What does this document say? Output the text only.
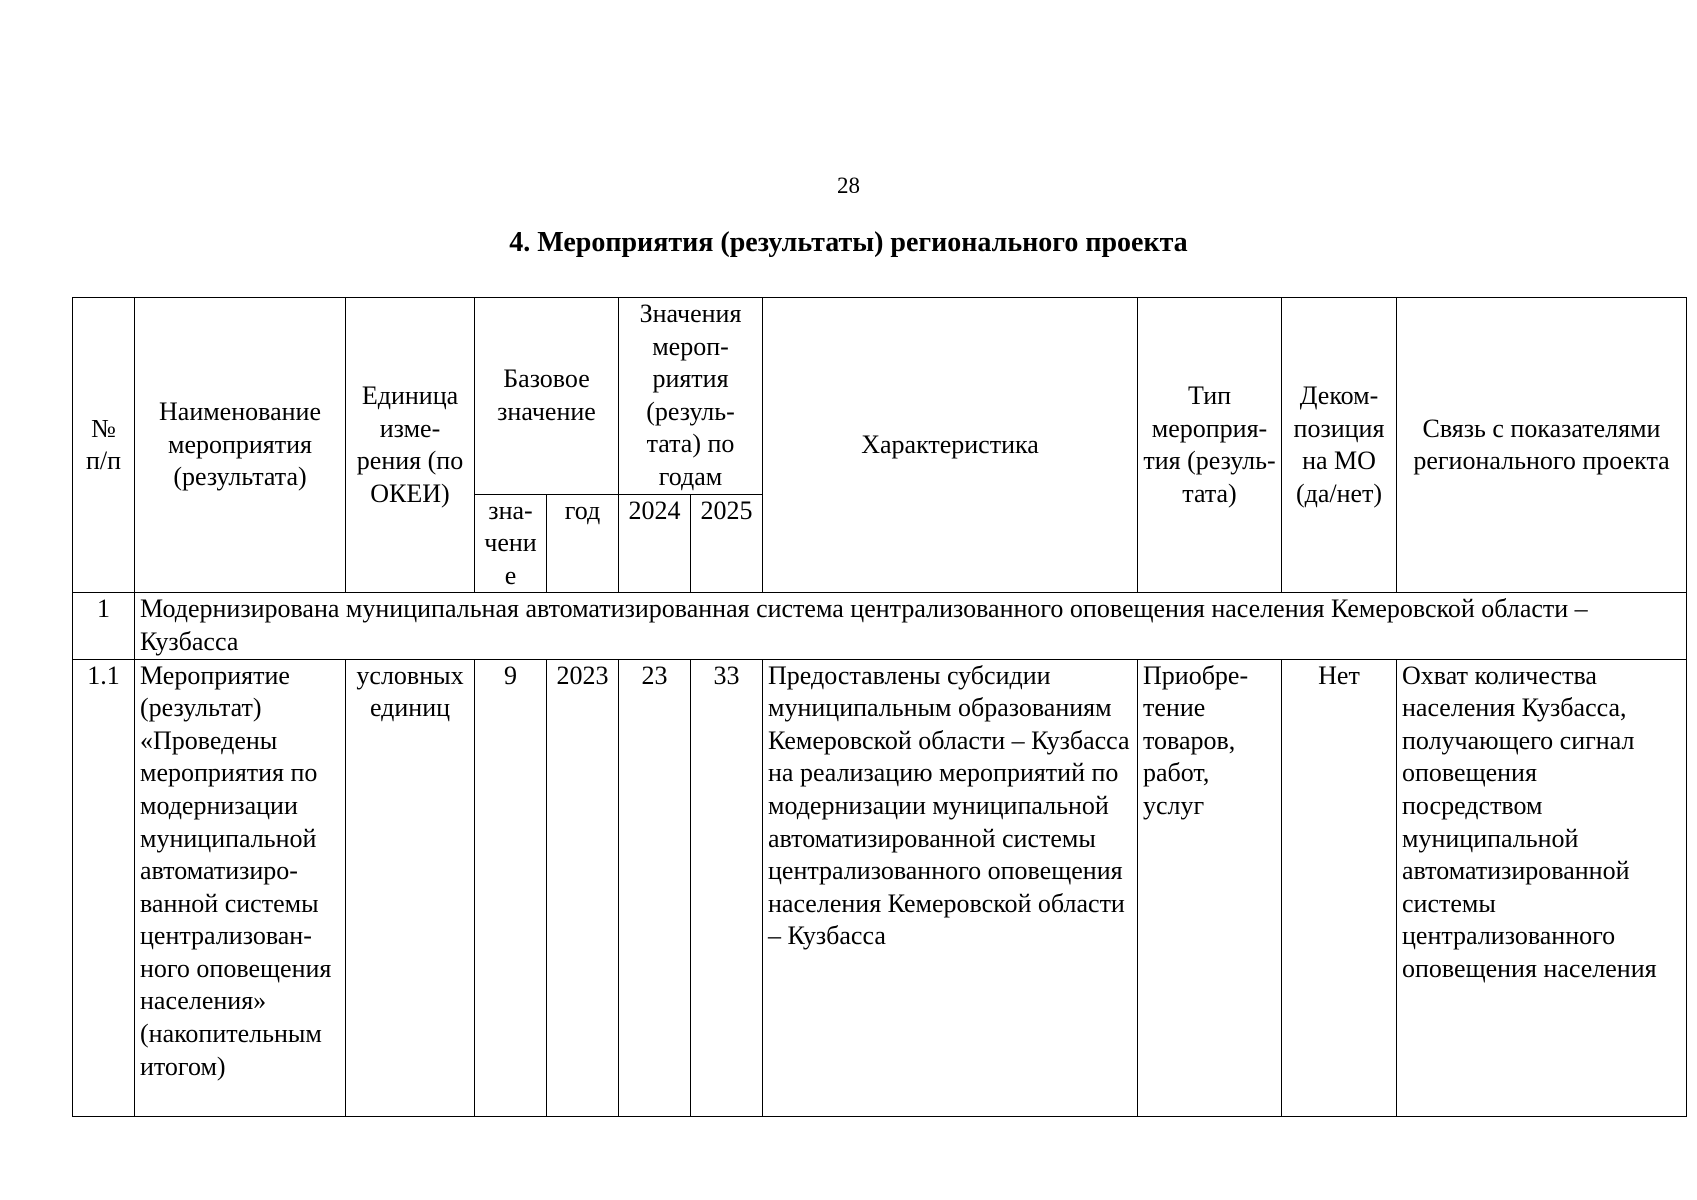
28
4. Мероприятия (результаты) регионального проекта
№ п/п	Наименование мероприятия (результата)	Единица изме-рения (по ОКЕИ)	Базовое значение		Значения мероп-риятия (резуль-тата) по годам		Характеристика	Тип мероприя-тия (резуль-тата)	Деком-позиция на МО (да/нет)	Связь с показателями регионального проекта
			зна-чение	год	2024	2025				
1	Модернизирована муниципальная автоматизированная система централизованного оповещения населения Кемеровской области – Кузбасса									
1.1	Мероприятие (результат) «Проведены мероприятия по модернизации муниципальной автоматизиро-ванной системы централизован-ного оповещения населения» (накопительным итогом)	условных единиц	9	2023	23	33	Предоставлены субсидии муниципальным образованиям Кемеровской области – Кузбасса на реализацию мероприятий по модернизации муниципальной автоматизированной системы централизованного оповещения населения Кемеровской области – Кузбасса	Приобре-тение товаров, работ, услуг	Нет	Охват количества населения Кузбасса, получающего сигнал оповещения посредством муниципальной автоматизированной системы централизованного оповещения населения
